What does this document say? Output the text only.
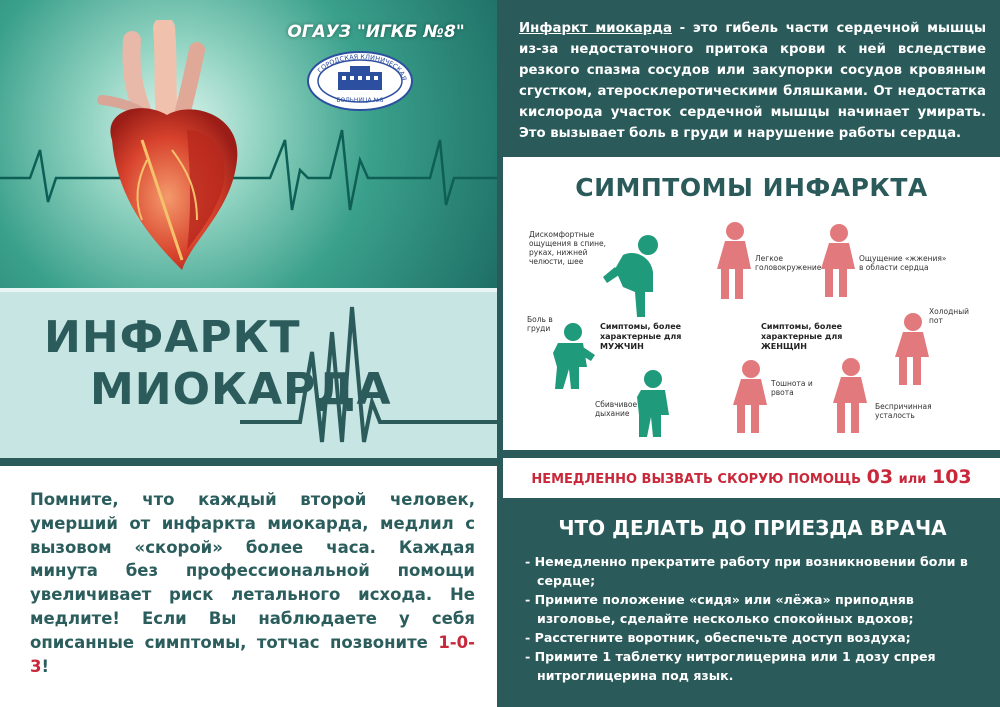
ОГАУЗ "ИГКБ №8"
ГОРОДСКАЯ КЛИНИЧЕСКАЯ
БОЛЬНИЦА №8
ИНФАРКТ
МИОКАРДА

Помните, что каждый второй человек, умерший от инфаркта миокарда, медлил с вызовом «скорой» более часа. Каждая минута без профессиональной помощи увеличивает риск летального исхода. Не медлите! Если Вы наблюдаете у себя описанные симптомы, тотчас позвоните 1-0-3!

Инфаркт миокарда - это гибель части сердечной мышцы из-за недостаточного притока крови к ней вследствие резкого спазма сосудов или закупорки сосудов кровяным сгустком, атеросклеротическими бляшками. От недостатка кислорода участок сердечной мышцы начинает умирать. Это вызывает боль в груди и нарушение работы сердца.

СИМПТОМЫ ИНФАРКТА
Дискомфортные ощущения в спине, руках, нижней челюсти, шее
Боль в груди
Сбивчивое дыхание
Симптомы, более характерные для МУЖЧИН
Симптомы, более характерные для ЖЕНЩИН
Легкое головокружение
Ощущение «жжения» в области сердца
Холодный пот
Тошнота и рвота
Беспричинная усталость
НЕМЕДЛЕННО ВЫЗВАТЬ СКОРУЮ ПОМОЩЬ 03 или 103
ЧТО ДЕЛАТЬ ДО ПРИЕЗДА ВРАЧА
- Немедленно прекратите работу при возникновении боли в сердце;
- Примите положение «сидя» или «лёжа» приподняв изголовье, сделайте несколько спокойных вдохов;
- Расстегните воротник, обеспечьте доступ воздуха;
- Примите 1 таблетку нитроглицерина или 1 дозу спрея нитроглицерина под язык.
